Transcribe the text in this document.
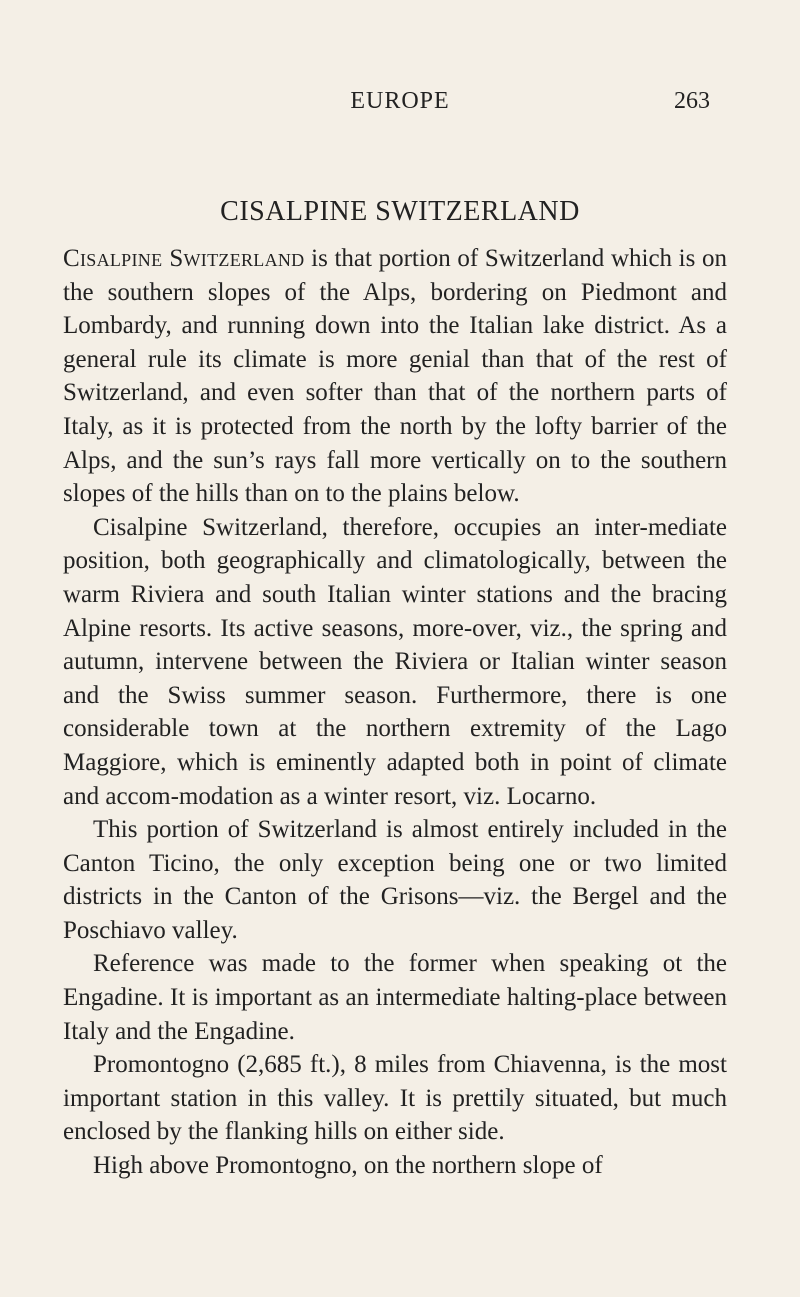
EUROPE	263
CISALPINE SWITZERLAND

Cisalpine Switzerland is that portion of Switzerland which is on the southern slopes of the Alps, bordering on Piedmont and Lombardy, and running down into the Italian lake district. As a general rule its climate is more genial than that of the rest of Switzerland, and even softer than that of the northern parts of Italy, as it is protected from the north by the lofty barrier of the Alps, and the sun’s rays fall more vertically on to the southern slopes of the hills than on to the plains below.

Cisalpine Switzerland, therefore, occupies an inter-mediate position, both geographically and climatologically, between the warm Riviera and south Italian winter stations and the bracing Alpine resorts. Its active seasons, more-over, viz., the spring and autumn, intervene between the Riviera or Italian winter season and the Swiss summer season. Furthermore, there is one considerable town at the northern extremity of the Lago Maggiore, which is eminently adapted both in point of climate and accom-modation as a winter resort, viz. Locarno.

This portion of Switzerland is almost entirely included in the Canton Ticino, the only exception being one or two limited districts in the Canton of the Grisons—viz. the Bergel and the Poschiavo valley.

Reference was made to the former when speaking ot the Engadine. It is important as an intermediate halting-place between Italy and the Engadine.

Promontogno (2,685 ft.), 8 miles from Chiavenna, is the most important station in this valley. It is prettily situated, but much enclosed by the flanking hills on either side.

High above Promontogno, on the northern slope of
